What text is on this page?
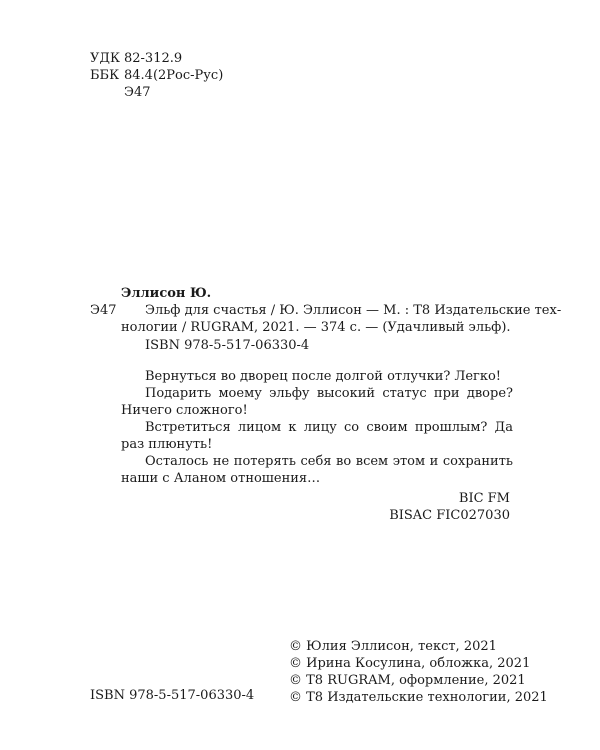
УДК 82-312.9
ББК 84.4(2Рос-Рус)
Э47
Эллисон Ю.
Э47 Эльф для счастья / Ю. Эллисон — М. : Т8 Издательские тех-
нологии / RUGRAM, 2021. — 374 с. — (Удачливый эльф).
ISBN 978-5-517-06330-4
Вернуться во дворец после долгой отлучки? Легко!
Подарить моему эльфу высокий статус при дворе? Ничего сложного!
Встретиться лицом к лицу со своим прошлым? Да раз плюнуть!
Осталось не потерять себя во всем этом и сохранить наши с Аланом отношения…
BIC FM
BISAC FIC027030
ISBN 978-5-517-06330-4
© Юлия Эллисон, текст, 2021
© Ирина Косулина, обложка, 2021
© Т8 RUGRAM, оформление, 2021
© Т8 Издательские технологии, 2021
